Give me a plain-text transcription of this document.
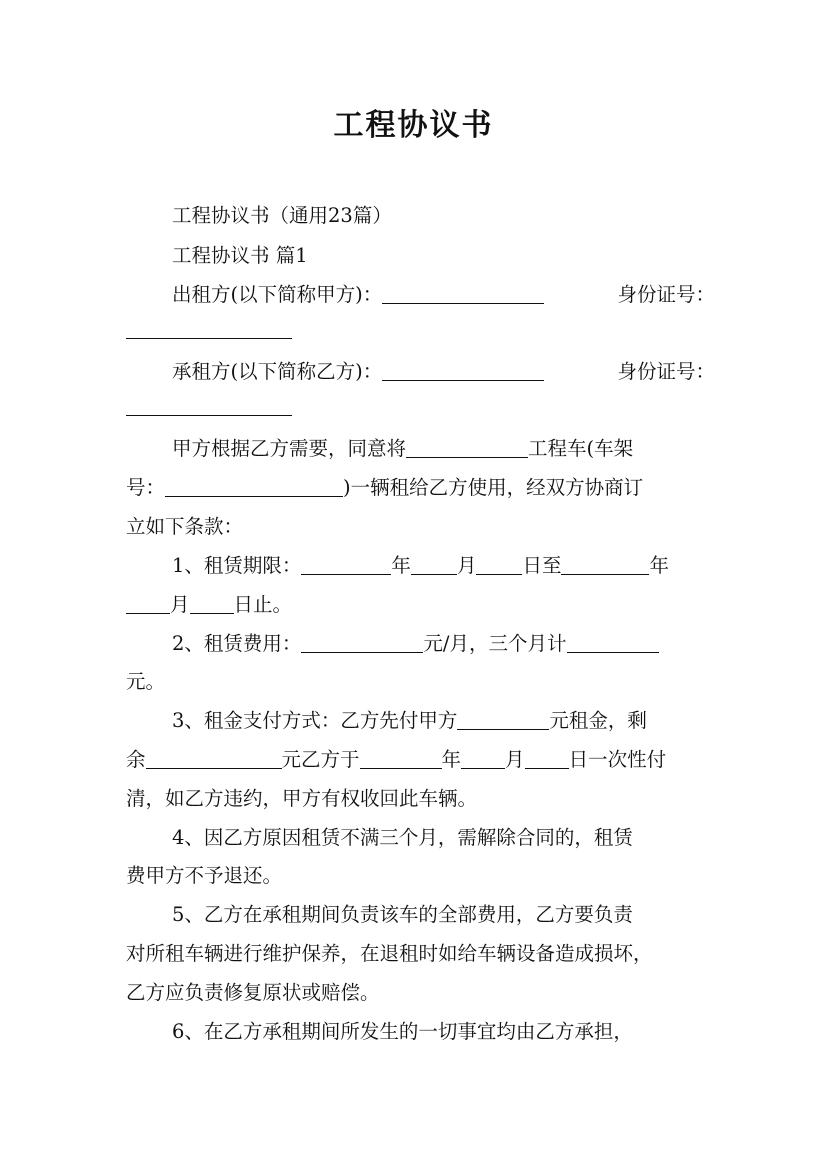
工程协议书
工程协议书（通用23篇）
工程协议书 篇1
出租方(以下简称甲方)：	身份证号：
承租方(以下简称乙方)：	身份证号：
甲方根据乙方需要，同意将	工程车(车架
号：	)一辆租给乙方使用，经双方协商订
立如下条款：
1、租赁期限：	年 月 日至	年
月 日止。
2、租赁费用：	元/月，三个月计
元。
3、租金支付方式：乙方先付甲方	元租金，剩
余	元乙方于	年 月 日一次性付
清，如乙方违约，甲方有权收回此车辆。
4、因乙方原因租赁不满三个月，需解除合同的，租赁
费甲方不予退还。
5、乙方在承租期间负责该车的全部费用，乙方要负责
对所租车辆进行维护保养，在退租时如给车辆设备造成损坏，
乙方应负责修复原状或赔偿。
6、在乙方承租期间所发生的一切事宜均由乙方承担，
